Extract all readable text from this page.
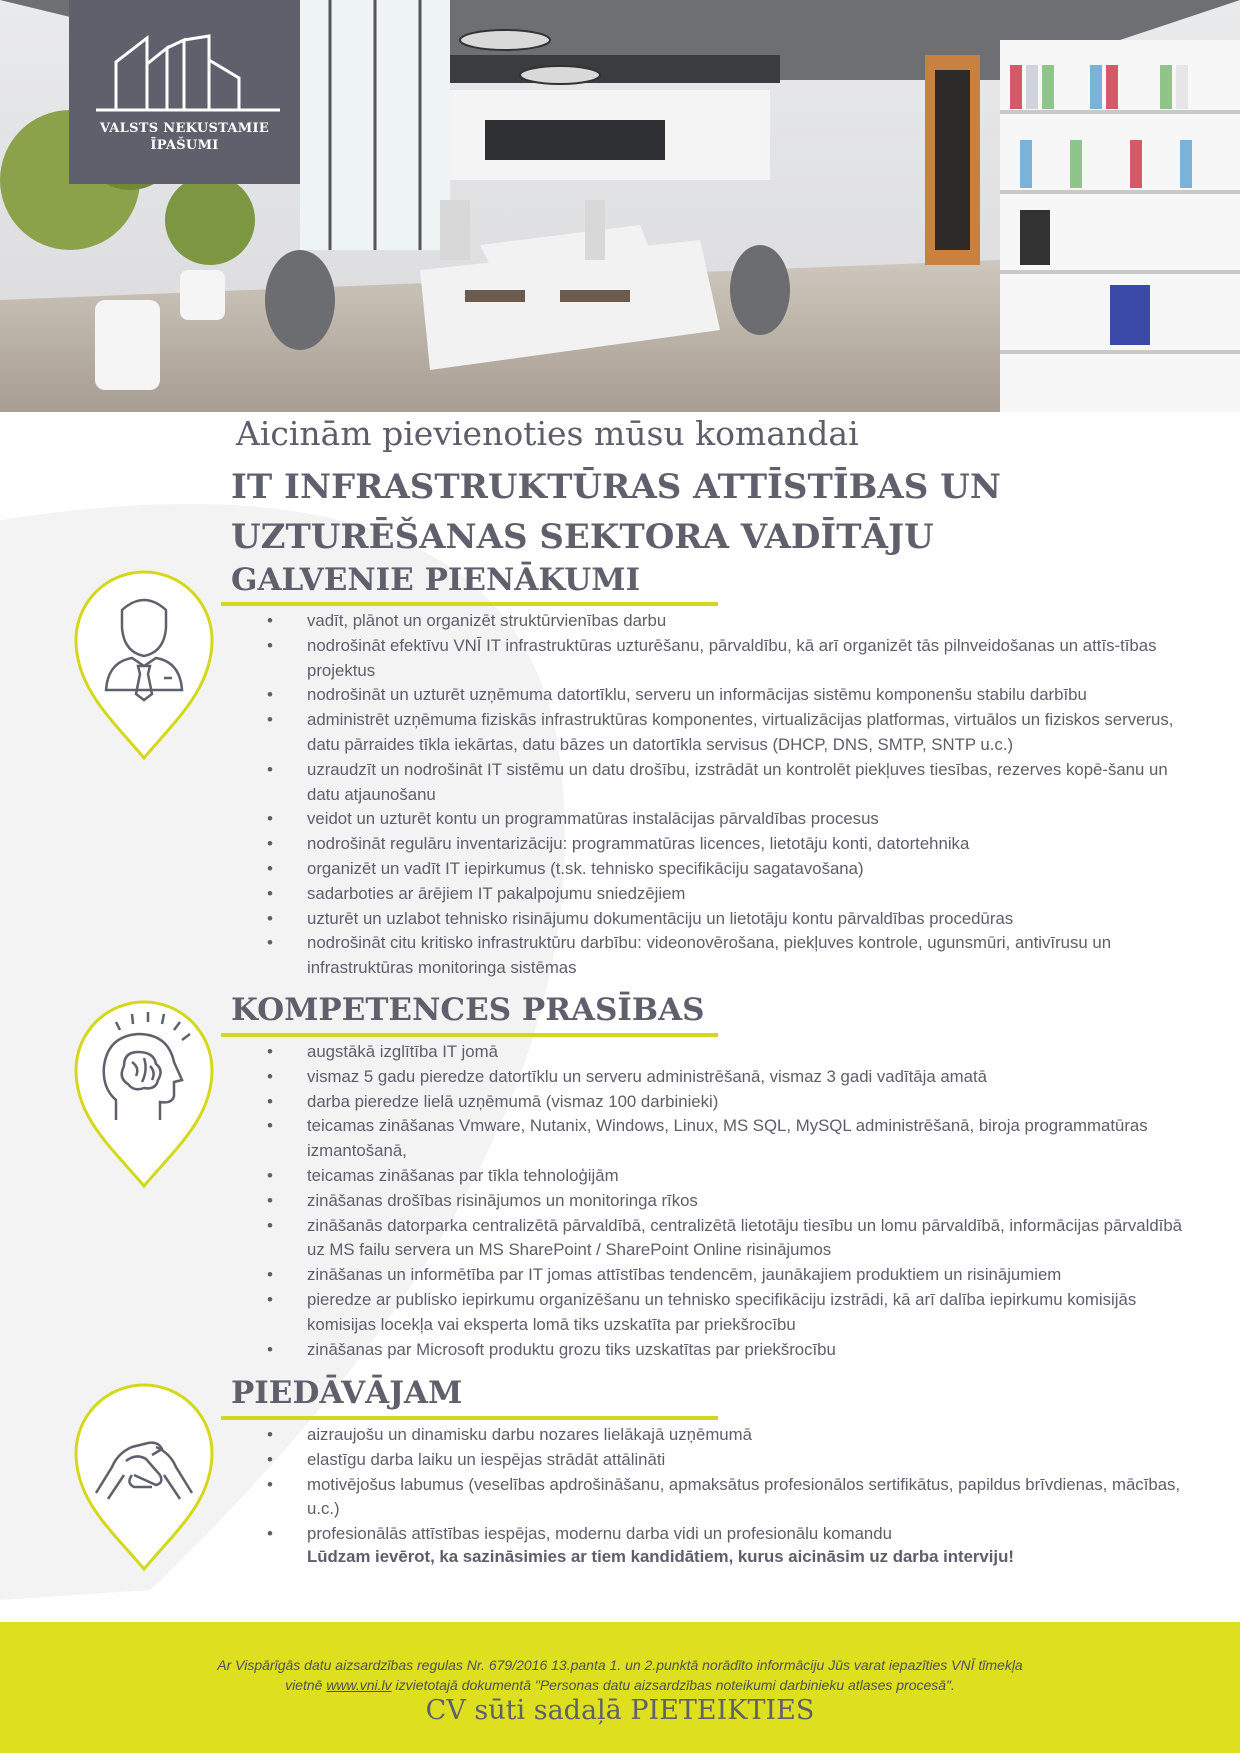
VALSTS NEKUSTAMIE
ĪPAŠUMI
Aicinām pievienoties mūsu komandai
IT INFRASTRUKTŪRAS ATTĪSTĪBAS UN
UZTURĒŠANAS SEKTORA VADĪTĀJU
GALVENIE PIENĀKUMI
• vadīt, plānot un organizēt struktūrvienības darbu
• nodrošināt efektīvu VNĪ IT infrastruktūras uzturēšanu, pārvaldību, kā arī organizēt tās pilnveidošanas un attīs-tības projektus
• nodrošināt un uzturēt uzņēmuma datortīklu, serveru un informācijas sistēmu komponenšu stabilu darbību
• administrēt uzņēmuma fiziskās infrastruktūras komponentes, virtualizācijas platformas, virtuālos un fiziskos serverus, datu pārraides tīkla iekārtas, datu bāzes un datortīkla servisus (DHCP, DNS, SMTP, SNTP u.c.)
• uzraudzīt un nodrošināt IT sistēmu un datu drošību, izstrādāt un kontrolēt piekļuves tiesības, rezerves kopē-šanu un datu atjaunošanu
• veidot un uzturēt kontu un programmatūras instalācijas pārvaldības procesus
• nodrošināt regulāru inventarizāciju: programmatūras licences, lietotāju konti, datortehnika
• organizēt un vadīt IT iepirkumus (t.sk. tehnisko specifikāciju sagatavošana)
• sadarboties ar ārējiem IT pakalpojumu sniedzējiem
• uzturēt un uzlabot tehnisko risinājumu dokumentāciju un lietotāju kontu pārvaldības procedūras
• nodrošināt citu kritisko infrastruktūru darbību: videonovērošana, piekļuves kontrole, ugunsmūri, antivīrusu un infrastruktūras monitoringa sistēmas
KOMPETENCES PRASĪBAS
• augstākā izglītība IT jomā
• vismaz 5 gadu pieredze datortīklu un serveru administrēšanā, vismaz 3 gadi vadītāja amatā
• darba pieredze lielā uzņēmumā (vismaz 100 darbinieki)
• teicamas zināšanas Vmware, Nutanix, Windows, Linux, MS SQL, MySQL administrēšanā, biroja programmatūras izmantošanā,
• teicamas zināšanas par tīkla tehnoloģijām
• zināšanas drošības risinājumos un monitoringa rīkos
• zināšanās datorparka centralizētā pārvaldībā, centralizētā lietotāju tiesību un lomu pārvaldībā, informācijas pārvaldībā uz MS failu servera un MS SharePoint / SharePoint Online risinājumos
• zināšanas un informētība par IT jomas attīstības tendencēm, jaunākajiem produktiem un risinājumiem
• pieredze ar publisko iepirkumu organizēšanu un tehnisko specifikāciju izstrādi, kā arī dalība iepirkumu komisijās komisijas locekļa vai eksperta lomā tiks uzskatīta par priekšrocību
• zināšanas par Microsoft produktu grozu tiks uzskatītas par priekšrocību
PIEDĀVĀJAM
• aizraujošu un dinamisku darbu nozares lielākajā uzņēmumā
• elastīgu darba laiku un iespējas strādāt attālināti
• motivējošus labumus (veselības apdrošināšanu, apmaksātus profesionālos sertifikātus, papildus brīvdienas, mācības, u.c.)
• profesionālās attīstības iespējas, modernu darba vidi un profesionālu komandu
Lūdzam ievērot, ka sazināsimies ar tiem kandidātiem, kurus aicināsim uz darba interviju!
Ar Vispārīgās datu aizsardzības regulas Nr. 679/2016 13.panta 1. un 2.punktā norādīto informāciju Jūs varat iepazīties VNĪ tīmekļa
vietnē www.vni.lv izvietotajā dokumentā "Personas datu aizsardzības noteikumi darbinieku atlases procesā".
CV sūti sadaļā PIETEIKTIES
